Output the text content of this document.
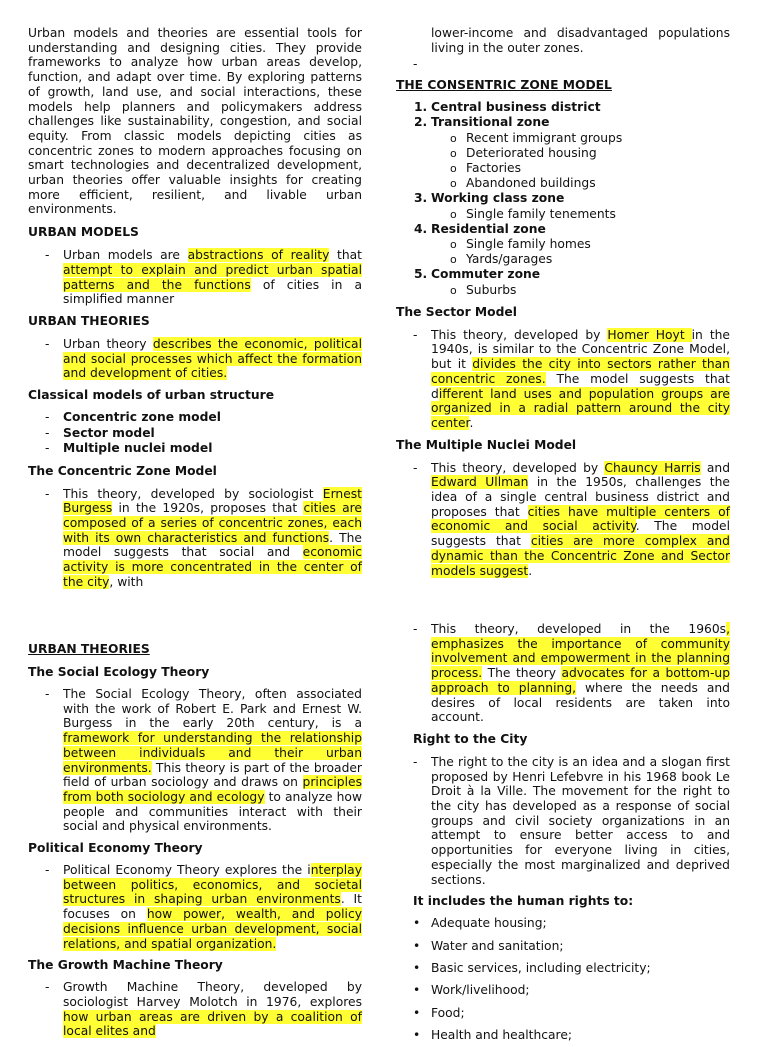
Urban models and theories are essential tools for understanding and designing cities. They provide frameworks to analyze how urban areas develop, function, and adapt over time. By exploring patterns of growth, land use, and social interactions, these models help planners and policymakers address challenges like sustainability, congestion, and social equity. From classic models depicting cities as concentric zones to modern approaches focusing on smart technologies and decentralized development, urban theories offer valuable insights for creating more efficient, resilient, and livable urban environments.

URBAN MODELS

- Urban models are abstractions of reality that attempt to explain and predict urban spatial patterns and the functions of cities in a simplified manner

URBAN THEORIES

- Urban theory describes the economic, political and social processes which affect the formation and development of cities.

Classical models of urban structure

- Concentric zone model

- Sector model

- Multiple nuclei model

The Concentric Zone Model

- This theory, developed by sociologist Ernest Burgess in the 1920s, proposes that cities are composed of a series of concentric zones, each with its own characteristics and functions. The model suggests that social and economic activity is more concentrated in the center of the city, with

lower-income and disadvantaged populations living in the outer zones.

-

THE CONSENTRIC ZONE MODEL

1. Central business district
2. Transitional zone
o Recent immigrant groups
o Deteriorated housing
o Factories
o Abandoned buildings
3. Working class zone
o Single family tenements
4. Residential zone
o Single family homes
o Yards/garages
5. Commuter zone
o Suburbs

The Sector Model

- This theory, developed by Homer Hoyt in the 1940s, is similar to the Concentric Zone Model, but it divides the city into sectors rather than concentric zones. The model suggests that different land uses and population groups are organized in a radial pattern around the city center.

The Multiple Nuclei Model

- This theory, developed by Chauncy Harris and Edward Ullman in the 1950s, challenges the idea of a single central business district and proposes that cities have multiple centers of economic and social activity. The model suggests that cities are more complex and dynamic than the Concentric Zone and Sector models suggest.

URBAN THEORIES

The Social Ecology Theory

- The Social Ecology Theory, often associated with the work of Robert E. Park and Ernest W. Burgess in the early 20th century, is a framework for understanding the relationship between individuals and their urban environments. This theory is part of the broader field of urban sociology and draws on principles from both sociology and ecology to analyze how people and communities interact with their social and physical environments.

Political Economy Theory

- Political Economy Theory explores the interplay between politics, economics, and societal structures in shaping urban environments. It focuses on how power, wealth, and policy decisions influence urban development, social relations, and spatial organization.

The Growth Machine Theory

- Growth Machine Theory, developed by sociologist Harvey Molotch in 1976, explores how urban areas are driven by a coalition of local elites and

- This theory, developed in the 1960s, emphasizes the importance of community involvement and empowerment in the planning process. The theory advocates for a bottom-up approach to planning, where the needs and desires of local residents are taken into account.

Right to the City

- The right to the city is an idea and a slogan first proposed by Henri Lefebvre in his 1968 book Le Droit à la Ville. The movement for the right to the city has developed as a response of social groups and civil society organizations in an attempt to ensure better access to and opportunities for everyone living in cities, especially the most marginalized and deprived sections.

It includes the human rights to:

• Adequate housing;
• Water and sanitation;
• Basic services, including electricity;
• Work/livelihood;
• Food;
• Health and healthcare;
